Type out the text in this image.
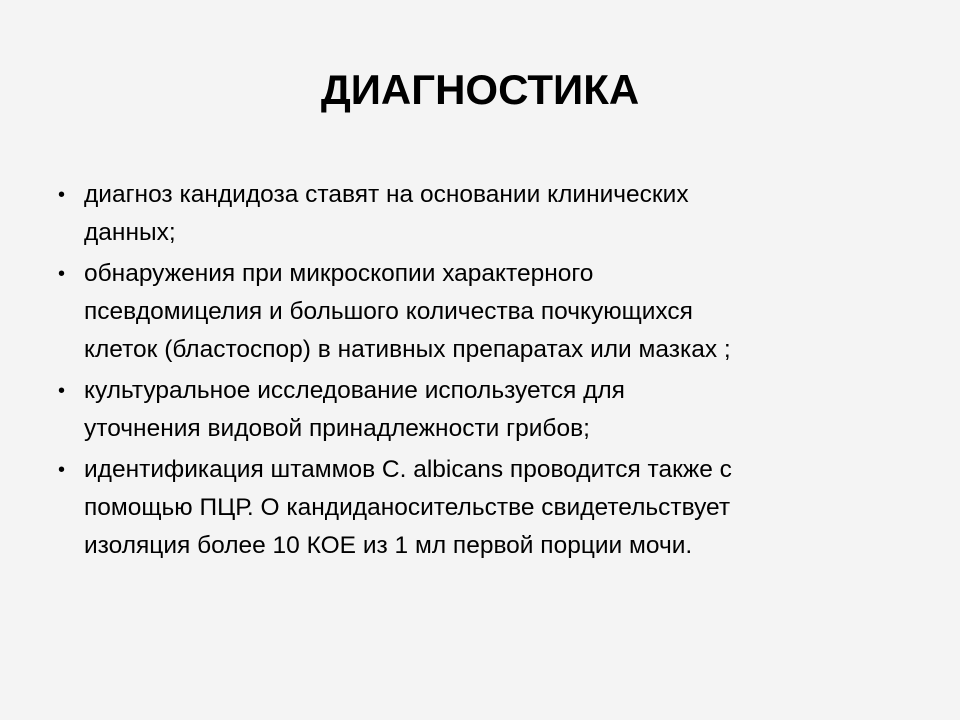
ДИАГНОСТИКА
• диагноз кандидоза ставят на основании клинических
данных;
• обнаружения при микроскопии характерного
псевдомицелия и большого количества почкующихся
клеток (бластоспор) в нативных препаратах или мазках ;
• культуральное исследование используется для
уточнения видовой принадлежности грибов;
• идентификация штаммов C. albicans проводится также с
помощью ПЦР. О кандиданосительстве свидетельствует
изоляция более 10 КОЕ из 1 мл первой порции мочи.
